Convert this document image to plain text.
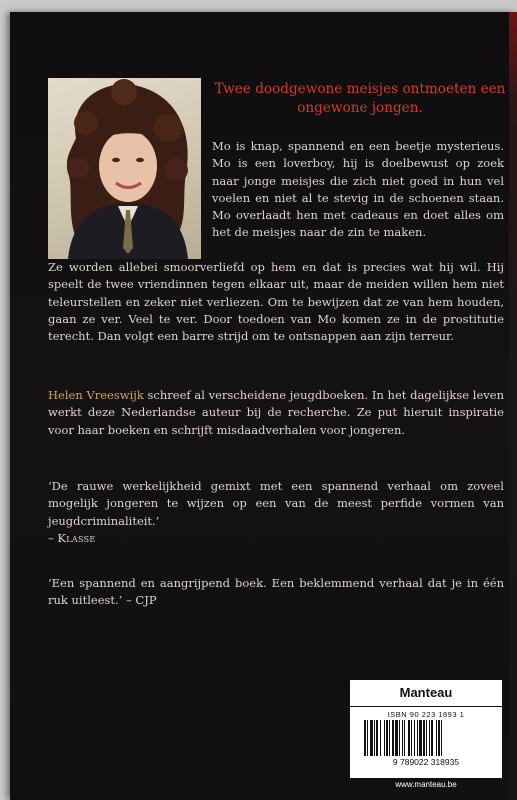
Twee doodgewone meisjes ontmoeten een ongewone jongen.

Mo is knap, spannend en een beetje mysterieus. Mo is een loverboy, hij is doelbewust op zoek naar jonge meisjes die zich niet goed in hun vel voelen en niet al te stevig in de schoenen staan. Mo overlaadt hen met cadeaus en doet alles om het de meisjes naar de zin te maken.

Ze worden allebei smoorverliefd op hem en dat is precies wat hij wil. Hij speelt de twee vriendinnen tegen elkaar uit, maar de meiden willen hem niet teleurstellen en zeker niet verliezen. Om te bewijzen dat ze van hem houden, gaan ze ver. Veel te ver. Door toedoen van Mo komen ze in de prostitutie terecht. Dan volgt een barre strijd om te ontsnappen aan zijn terreur.

Helen Vreeswijk schreef al verscheidene jeugdboeken. In het dagelijkse leven werkt deze Nederlandse auteur bij de recherche. Ze put hieruit inspiratie voor haar boeken en schrijft misdaadverhalen voor jongeren.

‘De rauwe werkelijkheid gemixt met een spannend verhaal om zoveel mogelijk jongeren te wijzen op een van de meest perfide vormen van jeugdcriminaliteit.’
– Klasse

‘Een spannend en aangrijpend boek. Een beklemmend verhaal dat je in één ruk uitleest.’ – CJP

Manteau

ISBN 90 223 1893 1

9 789022 318935

www.manteau.be
